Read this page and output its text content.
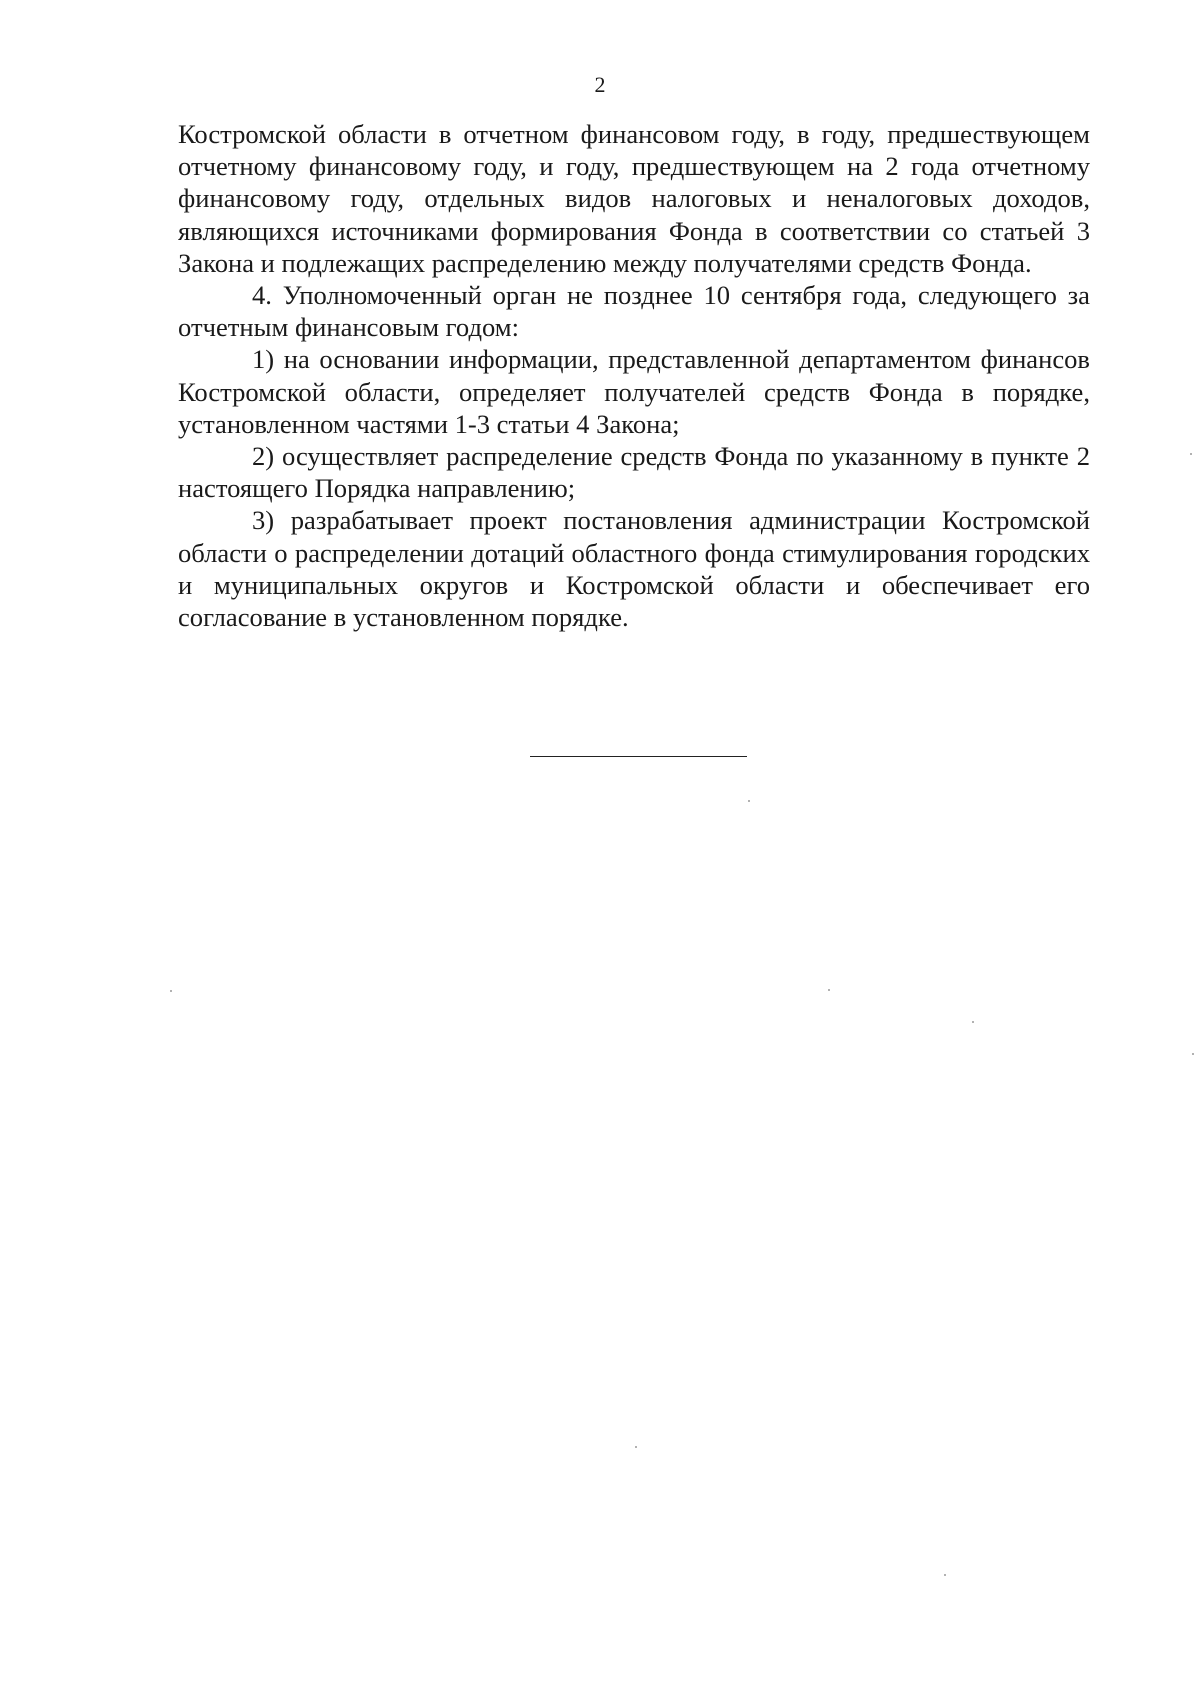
2

Костромской области в отчетном финансовом году, в году, предшествующем отчетному финансовому году, и году, предшествующем на 2 года отчетному финансовому году, отдельных видов налоговых и неналоговых доходов, являющихся источниками формирования Фонда в соответствии со статьей 3 Закона и подлежащих распределению между получателями средств Фонда.

4. Уполномоченный орган не позднее 10 сентября года, следующего за отчетным финансовым годом:

1) на основании информации, представленной департаментом финансов Костромской области, определяет получателей средств Фонда в порядке, установленном частями 1-3 статьи 4 Закона;

2) осуществляет распределение средств Фонда по указанному в пункте 2 настоящего Порядка направлению;

3) разрабатывает проект постановления администрации Костромской области о распределении дотаций областного фонда стимулирования городских и муниципальных округов и Костромской области и обеспечивает его согласование в установленном порядке.
